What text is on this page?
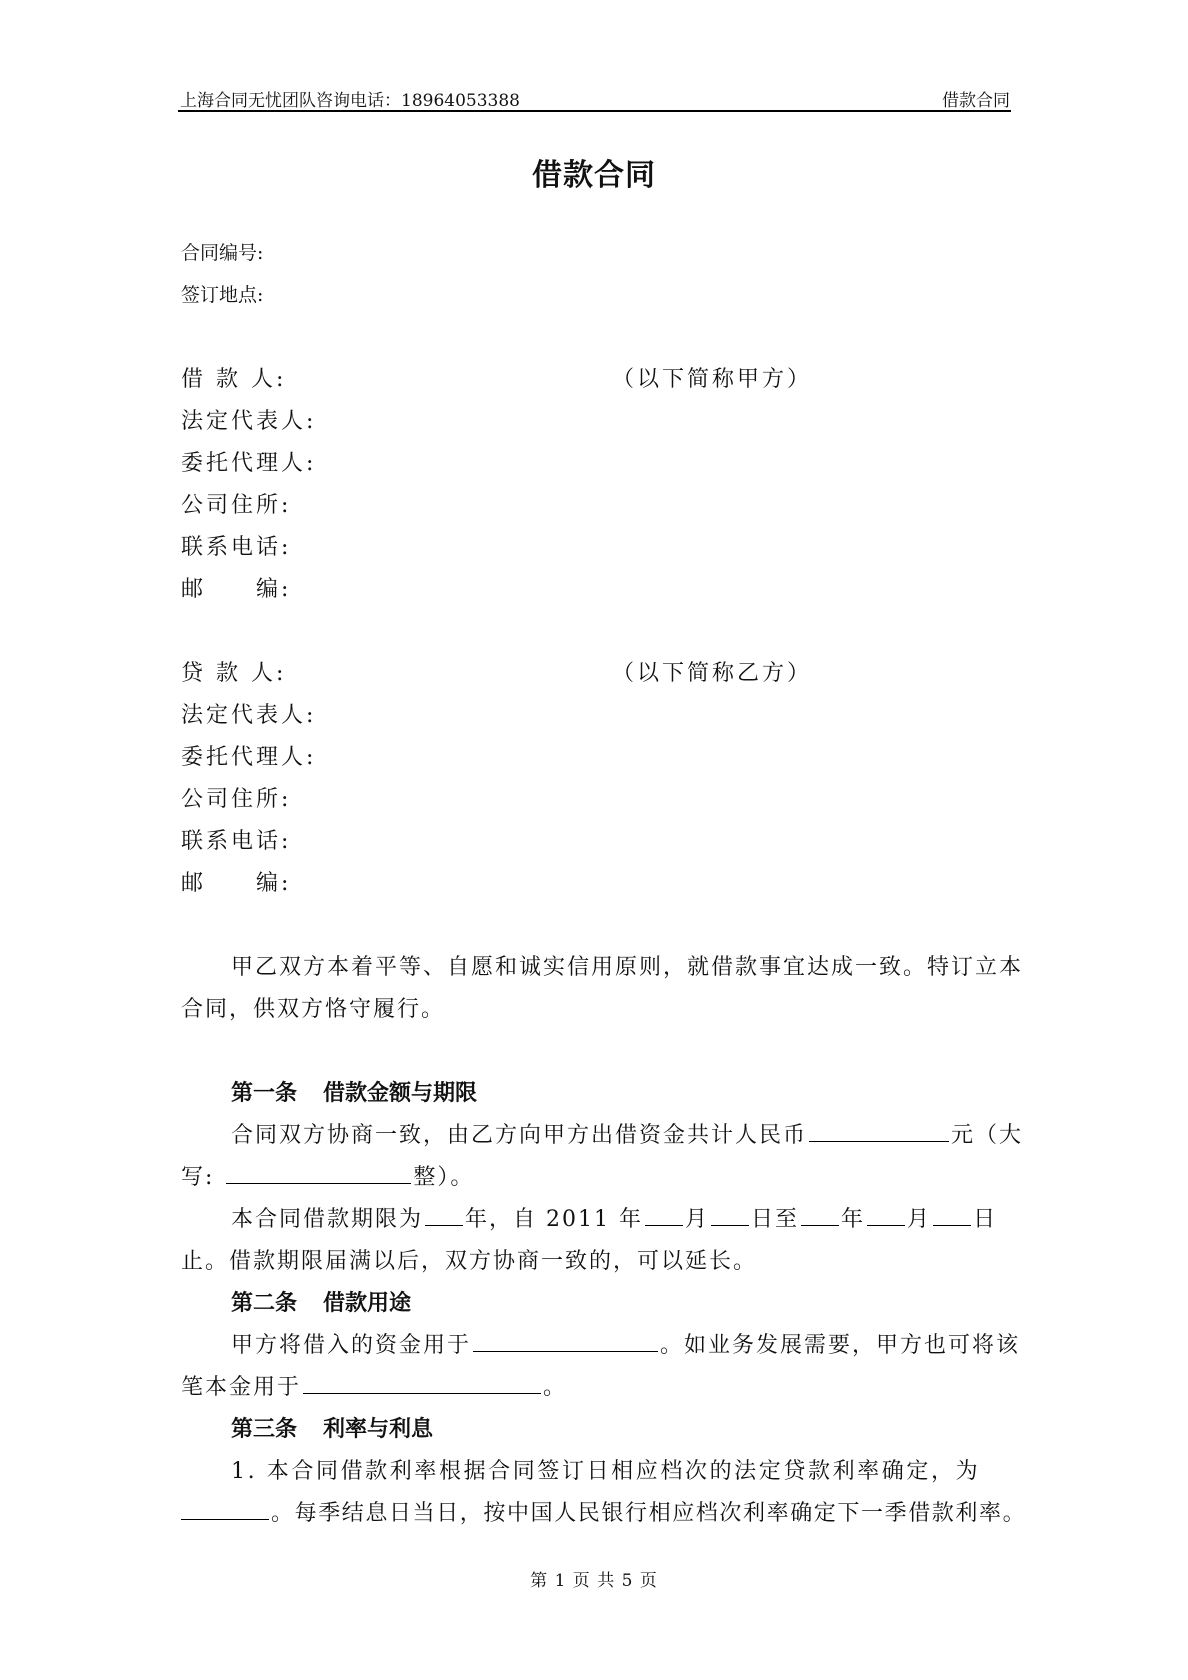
上海合同无忧团队咨询电话：18964053388	借款合同
借款合同
合同编号:
签订地点:
借 款 人:	（以下简称甲方）
法定代表人:
委托代理人:
公司住所:
联系电话:
邮　　编:
贷 款 人:	（以下简称乙方）
法定代表人:
委托代理人:
公司住所:
联系电话:
邮　　编:
甲乙双方本着平等、自愿和诚实信用原则，就借款事宜达成一致。特订立本
合同，供双方恪守履行。
第一条 借款金额与期限
合同双方协商一致，由乙方向甲方出借资金共计人民币	元（大
写:	整）。
本合同借款期限为 年，自 2011 年 月 日至 年 月 日
止。借款期限届满以后，双方协商一致的，可以延长。
第二条 借款用途
甲方将借入的资金用于	。如业务发展需要，甲方也可将该
笔本金用于	。
第三条 利率与利息
1. 本合同借款利率根据合同签订日相应档次的法定贷款利率确定，为
。每季结息日当日，按中国人民银行相应档次利率确定下一季借款利率。
第 1 页 共 5 页
